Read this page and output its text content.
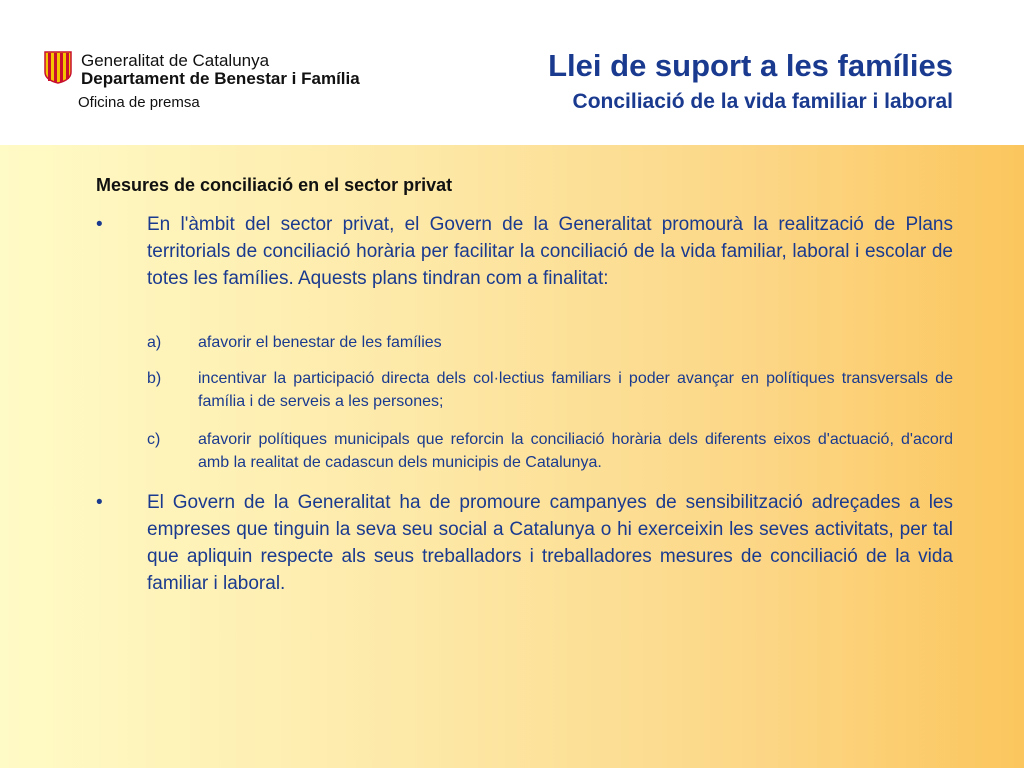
Generalitat de Catalunya
Departament de Benestar i Família
Oficina de premsa
Llei de suport a les famílies
Conciliació de la vida familiar i laboral
Mesures de conciliació en el sector privat
• En l'àmbit del sector privat, el Govern de la Generalitat promourà la realització de Plans territorials de conciliació horària per facilitar la conciliació de la vida familiar, laboral i escolar de totes les famílies. Aquests plans tindran com a finalitat:
a) afavorir el benestar de les famílies
b) incentivar la participació directa dels col·lectius familiars i poder avançar en polítiques transversals de família i de serveis a les persones;
c) afavorir polítiques municipals que reforcin la conciliació horària dels diferents eixos d'actuació, d'acord amb la realitat de cadascun dels municipis de Catalunya.
• El Govern de la Generalitat ha de promoure campanyes de sensibilització adreçades a les empreses que tinguin la seva seu social a Catalunya o hi exerceixin les seves activitats, per tal que apliquin respecte als seus treballadors i treballadores mesures de conciliació de la vida familiar i laboral.
